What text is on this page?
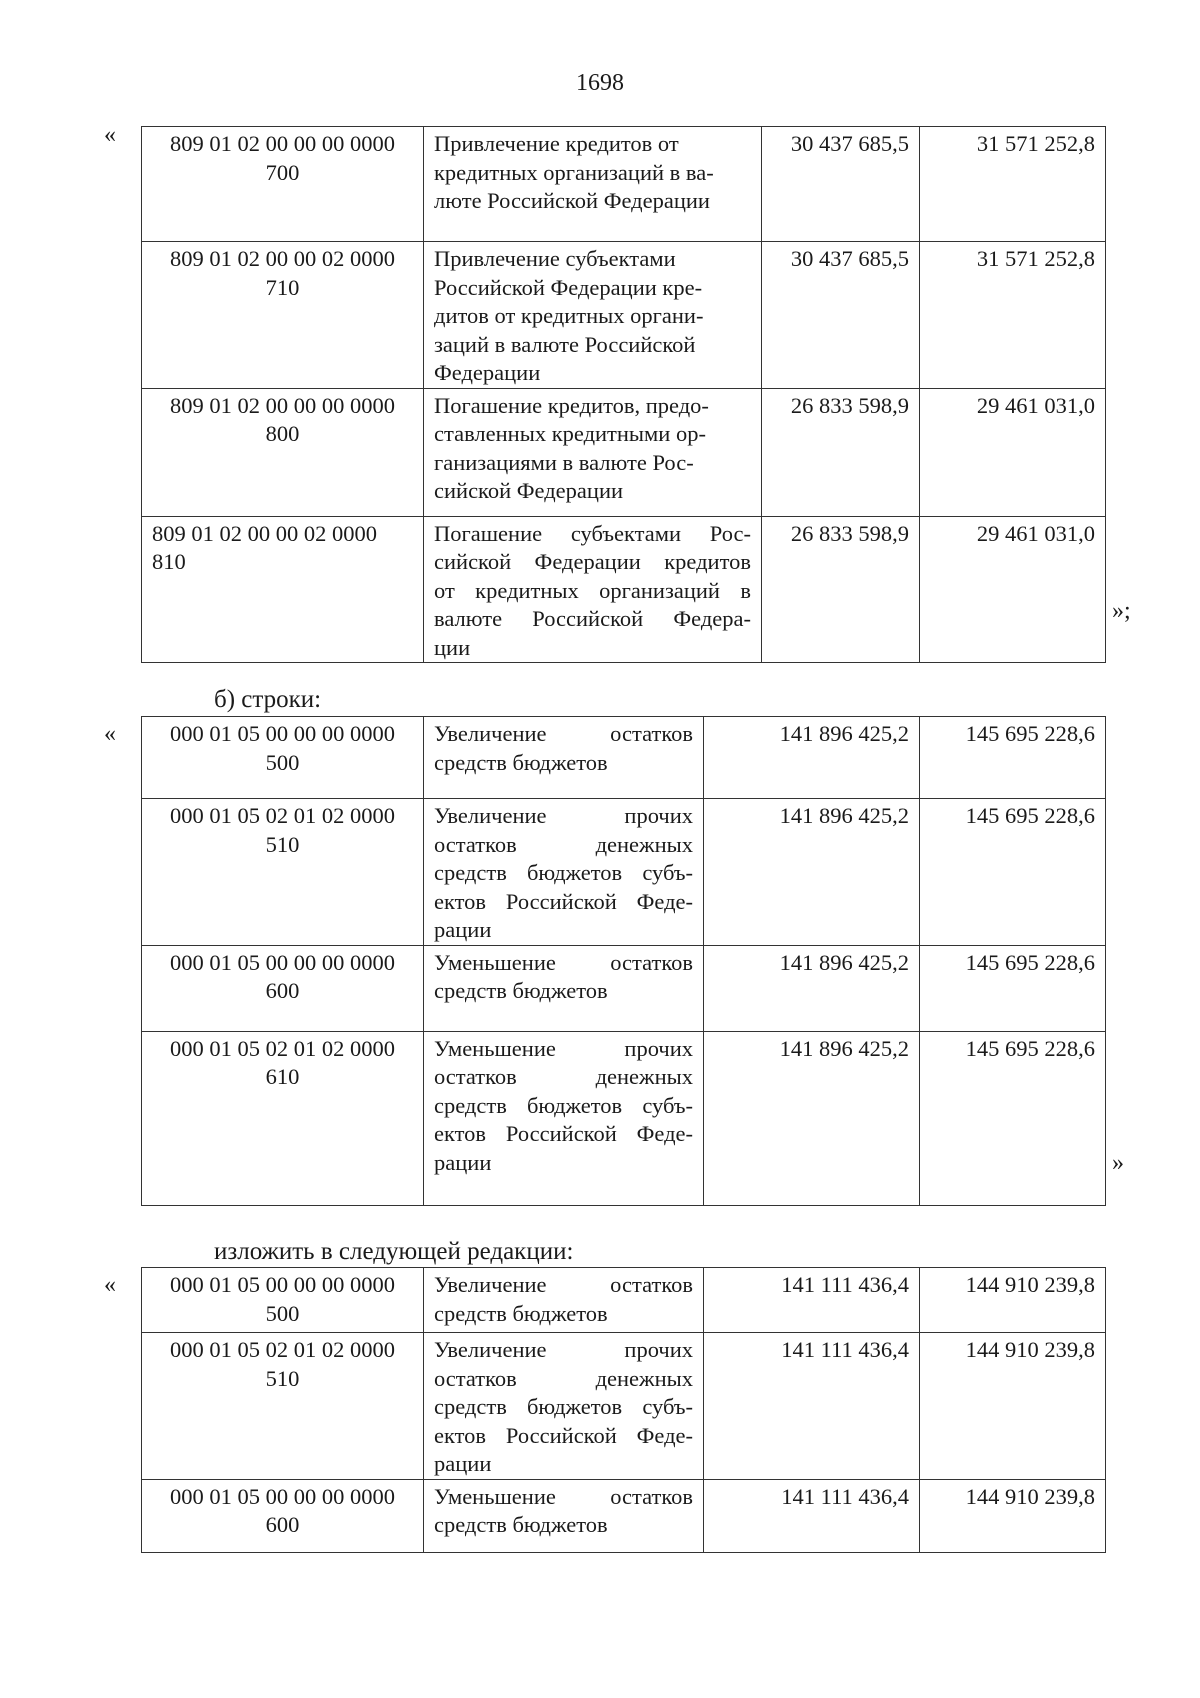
1698
« 809 01 02 00 00 00 0000 700	Привлечение кредитов от
кредитных организаций в ва-
люте Российской Федерации	30 437 685,5	31 571 252,8
809 01 02 00 00 02 0000 710	Привлечение субъектами
Российской Федерации кре-
дитов от кредитных органи-
заций в валюте Российской
Федерации	30 437 685,5	31 571 252,8
809 01 02 00 00 00 0000 800	Погашение кредитов, предо-
ставленных кредитными ор-
ганизациями в валюте Рос-
сийской Федерации	26 833 598,9	29 461 031,0
809 01 02 00 00 02 0000 810	Погашение субъектами Рос-
сийской Федерации кредитов
от кредитных организаций в
валюте Российской Федера-
ции	26 833 598,9	29 461 031,0
»;
б) строки:
« 000 01 05 00 00 00 0000 500	Увеличение остатков
средств бюджетов	141 896 425,2	145 695 228,6
000 01 05 02 01 02 0000 510	Увеличение прочих
остатков денежных
средств бюджетов субъ-
ектов Российской Феде-
рации	141 896 425,2	145 695 228,6
000 01 05 00 00 00 0000 600	Уменьшение остатков
средств бюджетов	141 896 425,2	145 695 228,6
000 01 05 02 01 02 0000 610	Уменьшение прочих
остатков денежных
средств бюджетов субъ-
ектов Российской Феде-
рации	141 896 425,2	145 695 228,6
»
изложить в следующей редакции:
« 000 01 05 00 00 00 0000 500	Увеличение остатков
средств бюджетов	141 111 436,4	144 910 239,8
000 01 05 02 01 02 0000 510	Увеличение прочих
остатков денежных
средств бюджетов субъ-
ектов Российской Феде-
рации	141 111 436,4	144 910 239,8
000 01 05 00 00 00 0000 600	Уменьшение остатков
средств бюджетов	141 111 436,4	144 910 239,8
